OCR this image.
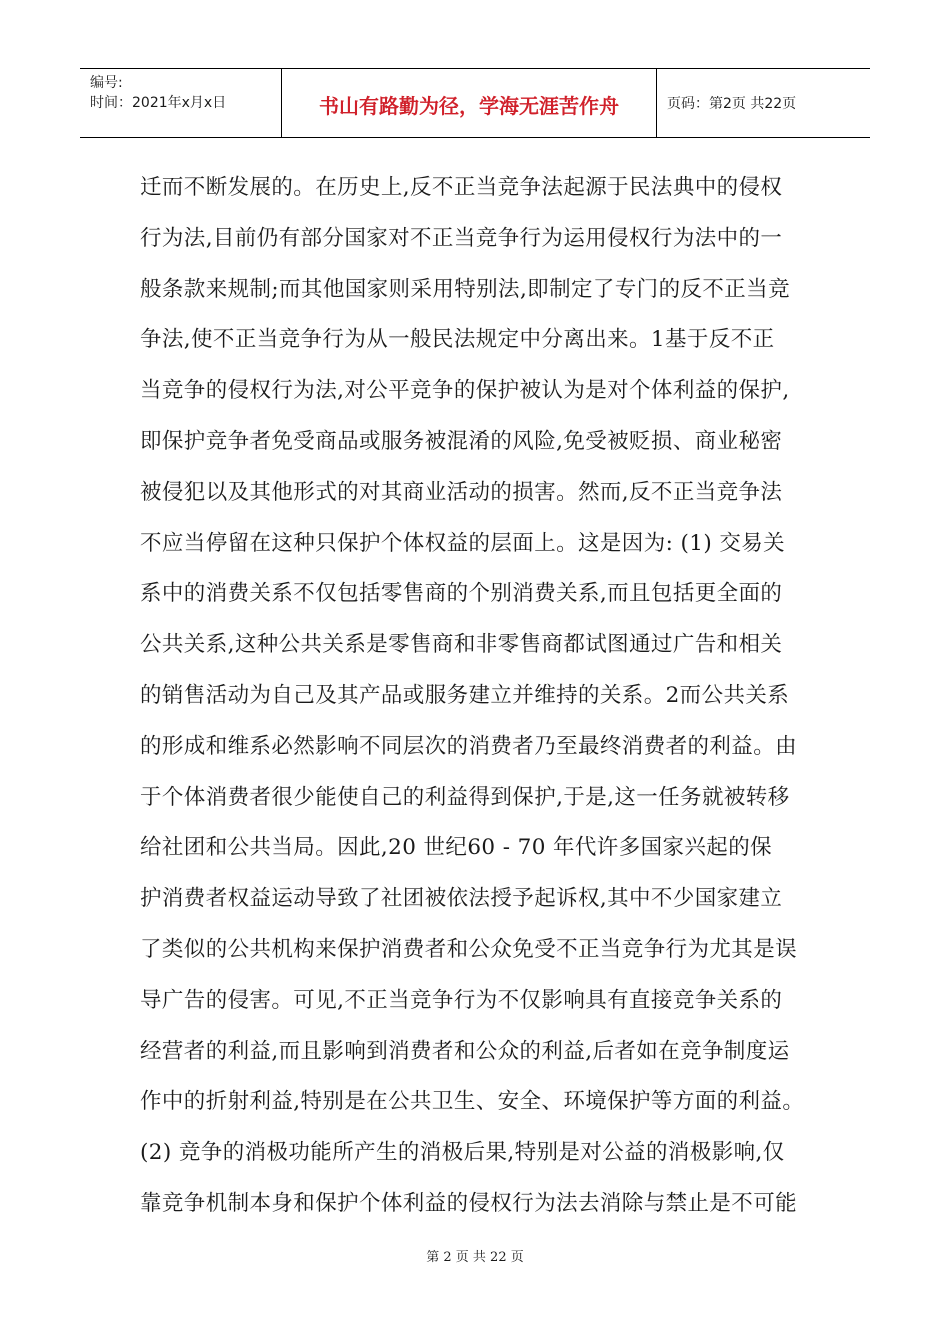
编号:
时间：2021年x月x日	书山有路勤为径，学海无涯苦作舟	页码：第2页 共22页
迁而不断发展的。在历史上,反不正当竞争法起源于民法典中的侵权
行为法,目前仍有部分国家对不正当竞争行为运用侵权行为法中的一
般条款来规制;而其他国家则采用特别法,即制定了专门的反不正当竞
争法,使不正当竞争行为从一般民法规定中分离出来。1基于反不正
当竞争的侵权行为法,对公平竞争的保护被认为是对个体利益的保护,
即保护竞争者免受商品或服务被混淆的风险,免受被贬损、商业秘密
被侵犯以及其他形式的对其商业活动的损害。然而,反不正当竞争法
不应当停留在这种只保护个体权益的层面上。这是因为: (1) 交易关
系中的消费关系不仅包括零售商的个别消费关系,而且包括更全面的
公共关系,这种公共关系是零售商和非零售商都试图通过广告和相关
的销售活动为自己及其产品或服务建立并维持的关系。2而公共关系
的形成和维系必然影响不同层次的消费者乃至最终消费者的利益。由
于个体消费者很少能使自己的利益得到保护,于是,这一任务就被转移
给社团和公共当局。因此,20 世纪60 - 70 年代许多国家兴起的保
护消费者权益运动导致了社团被依法授予起诉权,其中不少国家建立
了类似的公共机构来保护消费者和公众免受不正当竞争行为尤其是误
导广告的侵害。可见,不正当竞争行为不仅影响具有直接竞争关系的
经营者的利益,而且影响到消费者和公众的利益,后者如在竞争制度运
作中的折射利益,特别是在公共卫生、安全、环境保护等方面的利益。
(2) 竞争的消极功能所产生的消极后果,特别是对公益的消极影响,仅
靠竞争机制本身和保护个体利益的侵权行为法去消除与禁止是不可能
第 2 页 共 22 页
